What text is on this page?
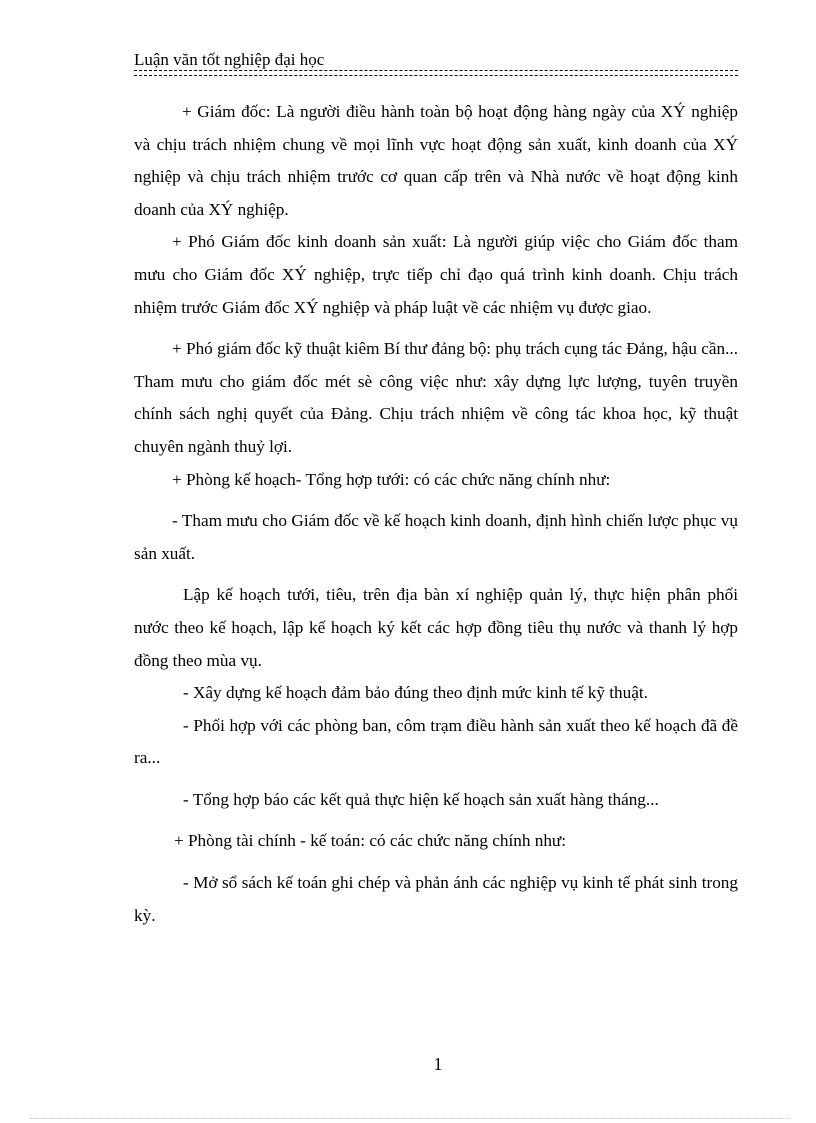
Luận văn tốt nghiệp đại học

+ Giám đốc: Là người điều hành toàn bộ hoạt động hàng ngày của XÝ nghiệp và chịu trách nhiệm chung về mọi lĩnh vực hoạt động sản xuất, kinh doanh của XÝ nghiệp và chịu trách nhiệm trước cơ quan cấp trên và Nhà nước về hoạt động kinh doanh của XÝ nghiệp.

+ Phó Giám đốc kinh doanh sản xuất: Là người giúp việc cho Giám đốc tham mưu cho Giám đốc XÝ nghiệp, trực tiếp chỉ đạo quá trình kinh doanh. Chịu trách nhiệm trước Giám đốc XÝ nghiệp và pháp luật về các nhiệm vụ được giao.

+ Phó giám đốc kỹ thuật kiêm Bí thư đảng bộ: phụ trách cụng tác Đảng, hậu cần... Tham mưu cho giám đốc mét sè công việc như: xây dựng lực lượng, tuyên truyền chính sách nghị quyết của Đảng. Chịu trách nhiệm về công tác khoa học, kỹ thuật chuyên ngành thuỷ lợi.

+ Phòng kế hoạch- Tổng hợp tưới: có các chức năng chính như:

- Tham mưu cho Giám đốc về kế hoạch kinh doanh, định hình chiến lược phục vụ sản xuất.

Lập kế hoạch tưới, tiêu, trên địa bàn xí nghiệp quản lý, thực hiện phân phối nước theo kế hoạch, lập kế hoạch ký kết các hợp đồng tiêu thụ nước và thanh lý hợp đồng theo mùa vụ.

- Xây dựng kế hoạch đảm bảo đúng theo định mức kinh tế kỹ thuật.

- Phối hợp với các phòng ban, côm trạm điều hành sản xuất theo kế hoạch đã đề ra...

- Tổng hợp báo các kết quả thực hiện kế hoạch sản xuất hàng tháng...

+ Phòng tài chính - kế toán: có các chức năng chính như:

- Mở sổ sách kế toán ghi chép và phản ánh các nghiệp vụ kinh tế phát sinh trong kỳ.

1
